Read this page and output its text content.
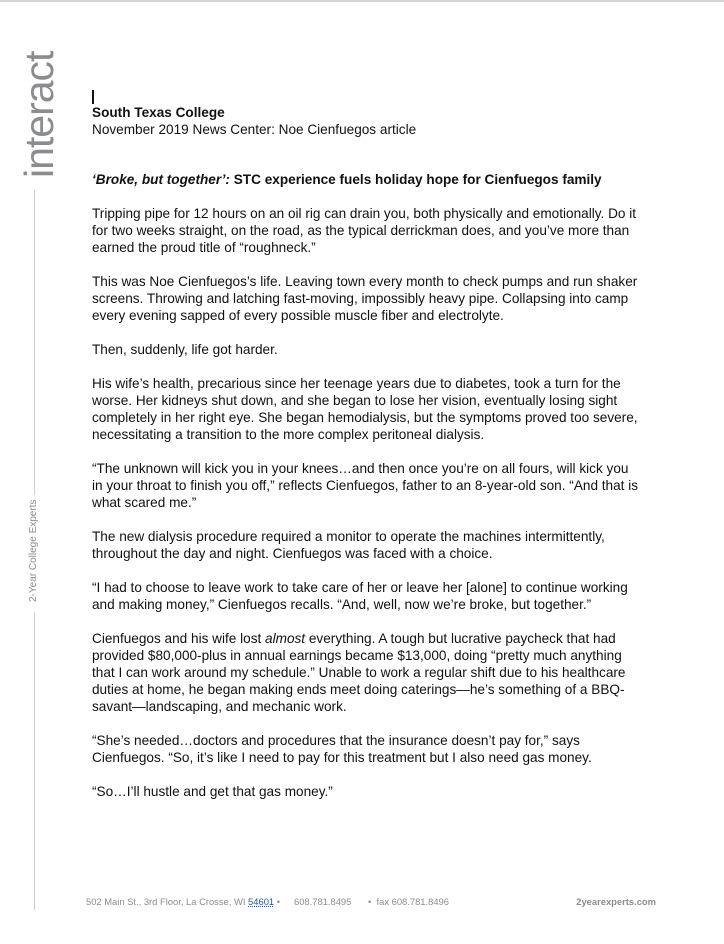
interact
2-Year College Experts

South Texas College

November 2019 News Center: Noe Cienfuegos article

‘Broke, but together’: STC experience fuels holiday hope for Cienfuegos family

Tripping pipe for 12 hours on an oil rig can drain you, both physically and emotionally. Do it for two weeks straight, on the road, as the typical derrickman does, and you’ve more than earned the proud title of “roughneck.”

This was Noe Cienfuegos’s life. Leaving town every month to check pumps and run shaker screens. Throwing and latching fast-moving, impossibly heavy pipe. Collapsing into camp every evening sapped of every possible muscle fiber and electrolyte.

Then, suddenly, life got harder.

His wife’s health, precarious since her teenage years due to diabetes, took a turn for the worse. Her kidneys shut down, and she began to lose her vision, eventually losing sight completely in her right eye. She began hemodialysis, but the symptoms proved too severe, necessitating a transition to the more complex peritoneal dialysis.

“The unknown will kick you in your knees…and then once you’re on all fours, will kick you in your throat to finish you off,” reflects Cienfuegos, father to an 8-year-old son. “And that is what scared me.”

The new dialysis procedure required a monitor to operate the machines intermittently, throughout the day and night. Cienfuegos was faced with a choice.

“I had to choose to leave work to take care of her or leave her [alone] to continue working and making money,” Cienfuegos recalls. “And, well, now we’re broke, but together.”

Cienfuegos and his wife lost almost everything. A tough but lucrative paycheck that had provided $80,000-plus in annual earnings became $13,000, doing “pretty much anything that I can work around my schedule.” Unable to work a regular shift due to his healthcare duties at home, he began making ends meet doing caterings—he’s something of a BBQ-savant—landscaping, and mechanic work.

“She’s needed…doctors and procedures that the insurance doesn’t pay for,” says Cienfuegos. “So, it’s like I need to pay for this treatment but I also need gas money.

“So…I’ll hustle and get that gas money.”

502 Main St., 3rd Floor, La Crosse, WI 54601 • 608.781.8495 • fax 608.781.8496	2yearexperts.com
